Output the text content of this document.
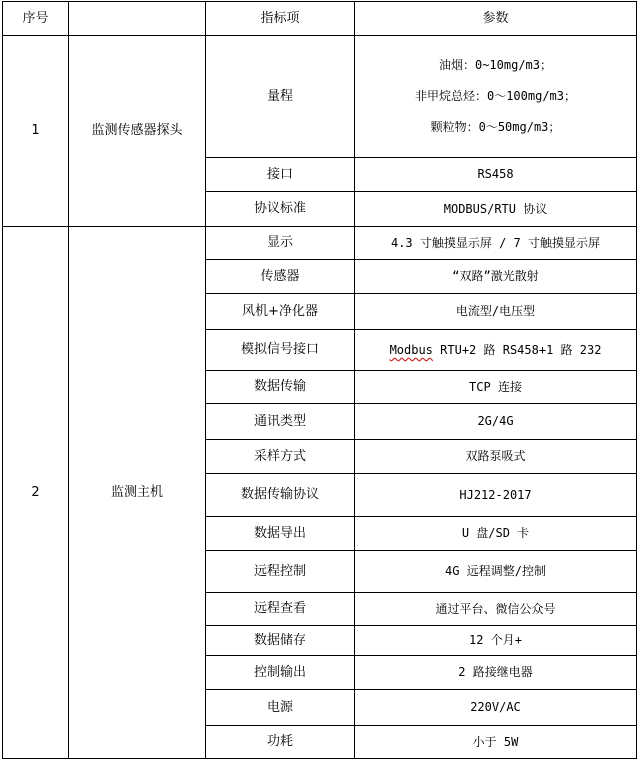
序号		指标项	参数
1	监测传感器探头	量程	油烟：0~10mg/m3；
非甲烷总烃：0～100mg/m3；
颗粒物：0～50mg/m3；

		接口	RS458
		协议标准	MODBUS/RTU 协议
2	监测主机	显示	4.3 寸触摸显示屏 / 7 寸触摸显示屏
		传感器	“双路”激光散射
		风机+净化器	电流型/电压型
		模拟信号接口	Modbus RTU+2 路 RS458+1 路 232
		数据传输	TCP 连接
		通讯类型	2G/4G
		采样方式	双路泵吸式
		数据传输协议	HJ212-2017
		数据导出	U 盘/SD 卡
		远程控制	4G 远程调整/控制
		远程查看	通过平台、微信公众号
		数据储存	12 个月+
		控制输出	2 路接继电器
		电源	220V/AC
		功耗	小于 5W
